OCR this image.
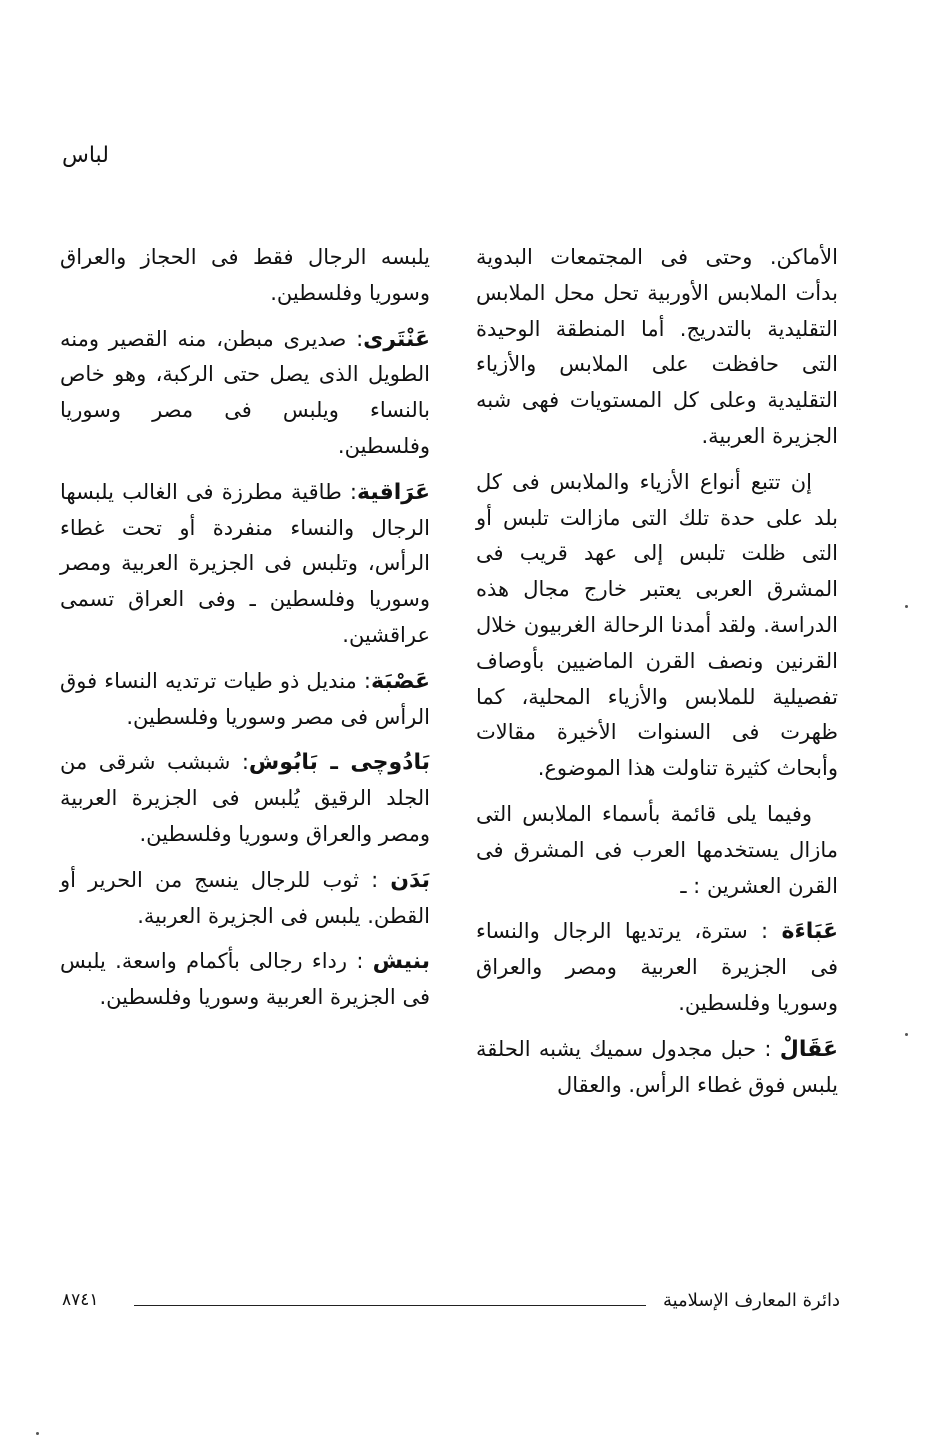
لباس

الأماكن. وحتى فى المجتمعات البدوية بدأت الملابس الأوربية تحل محل الملابس التقليدية بالتدريج. أما المنطقة الوحيدة التى حافظت على الملابس والأزياء التقليدية وعلى كل المستويات فهى شبه الجزيرة العربية.

إن تتبع أنواع الأزياء والملابس فى كل بلد على حدة تلك التى مازالت تلبس أو التى ظلت تلبس إلى عهد قريب فى المشرق العربى يعتبر خارج مجال هذه الدراسة. ولقد أمدنا الرحالة الغربيون خلال القرنين ونصف القرن الماضيين بأوصاف تفصيلية للملابس والأزياء المحلية، كما ظهرت فى السنوات الأخيرة مقالات وأبحاث كثيرة تناولت هذا الموضوع.

وفيما يلى قائمة بأسماء الملابس التى مازال يستخدمها العرب فى المشرق فى القرن العشرين : ـ

عَبَاءَة : سترة، يرتديها الرجال والنساء فى الجزيرة العربية ومصر والعراق وسوريا وفلسطين.

عَقَالْ : حبل مجدول سميك يشبه الحلقة يلبس فوق غطاء الرأس. والعقال

يلبسه الرجال فقط فى الحجاز والعراق وسوريا وفلسطين.

عَنْتَرى: صديرى مبطن، منه القصير ومنه الطويل الذى يصل حتى الركبة، وهو خاص بالنساء ويلبس فى مصر وسوريا وفلسطين.

عَرَاقية: طاقية مطرزة فى الغالب يلبسها الرجال والنساء منفردة أو تحت غطاء الرأس، وتلبس فى الجزيرة العربية ومصر وسوريا وفلسطين ـ وفى العراق تسمى عراقشين.

عَصْبَة: منديل ذو طيات ترتديه النساء فوق الرأس فى مصر وسوريا وفلسطين.

بَادُوچى ـ بَابُوش: شبشب شرقى من الجلد الرقيق يُلبس فى الجزيرة العربية ومصر والعراق وسوريا وفلسطين.

بَدَن : ثوب للرجال ينسج من الحرير أو القطن. يلبس فى الجزيرة العربية.

بنيش : رداء رجالى بأكمام واسعة. يلبس فى الجزيرة العربية وسوريا وفلسطين.

٨٧٤١	دائرة المعارف الإسلامية
